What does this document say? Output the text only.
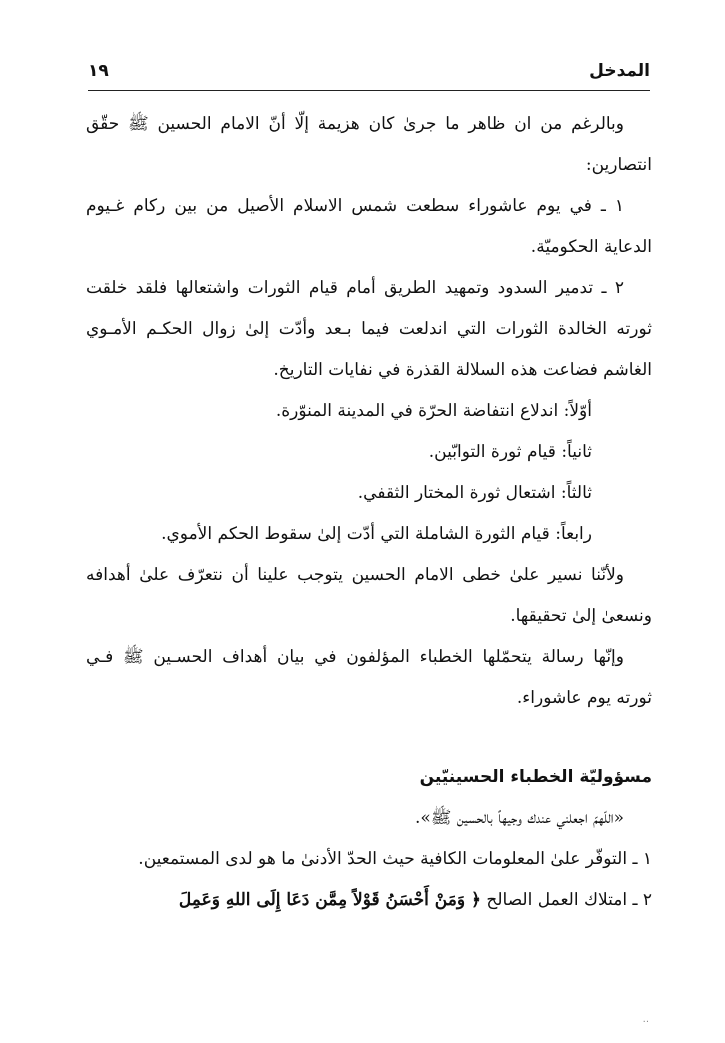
المدخل
١٩
وبالرغم من ان ظاهر ما جرىٰ كان هزيمة إلّا أنّ الامام الحسين ﷺ حقّق
انتصارين:
١ ـ في يوم عاشوراء سطعت شمس الاسلام الأصيل من بين ركام غـيوم
الدعاية الحكوميّة.
٢ ـ تدمير السدود وتمهيد الطريق أمام قيام الثورات واشتعالها فلقد خلقت
ثورته الخالدة الثورات التي اندلعت فيما بـعد وأدّت إلىٰ زوال الحكـم الأمـوي
الغاشم فضاعت هذه السلالة القذرة في نفايات التاريخ.
أوّلاً: اندلاع انتفاضة الحرّة في المدينة المنوّرة.
ثانياً: قيام ثورة التوابّين.
ثالثاً: اشتعال ثورة المختار الثقفي.
رابعاً: قيام الثورة الشاملة التي أدّت إلىٰ سقوط الحكم الأموي.
ولأنّنا نسير علىٰ خطى الامام الحسين يتوجب علينا أن نتعرّف علىٰ أهدافه
ونسعىٰ إلىٰ تحقيقها.
وإنّها رسالة يتحمّلها الخطباء المؤلفون في بيان أهداف الحسـين ﷺ فـي
ثورته يوم عاشوراء.
مسؤوليّة الخطباء الحسينيّين
«اللّهمّ اجعلني عندك وجيهاً بالحسين ﷺ».
١ ـ التوفّر علىٰ المعلومات الكافية حيث الحدّ الأدنىٰ ما هو لدى المستمعين.
٢ ـ امتلاك العمل الصالح ﴿ وَمَنْ أَحْسَنُ قَوْلاً مِمَّن دَعَا إِلَى اللهِ وَعَمِلَ
..
